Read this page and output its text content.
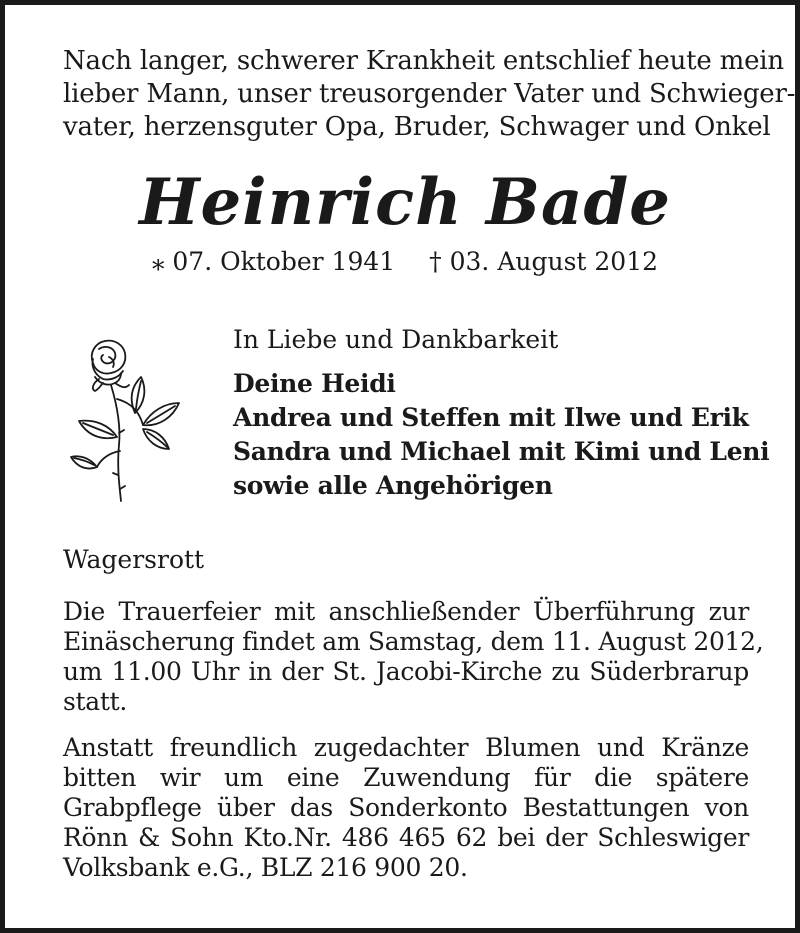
Nach langer, schwerer Krankheit entschlief heute mein
lieber Mann, unser treusorgender Vater und Schwieger-
vater, herzensguter Opa, Bruder, Schwager und Onkel
Heinrich Bade
⁎ 07. Oktober 1941 † 03. August 2012
In Liebe und Dankbarkeit
Deine Heidi
Andrea und Steffen mit Ilwe und Erik
Sandra und Michael mit Kimi und Leni
sowie alle Angehörigen
Wagersrott
Die Trauerfeier mit anschließender Überführung zur
Einäscherung findet am Samstag, dem 11. August 2012,
um 11.00 Uhr in der St. Jacobi-Kirche zu Süderbrarup
statt.
Anstatt freundlich zugedachter Blumen und Kränze
bitten wir um eine Zuwendung für die spätere
Grabpflege über das Sonderkonto Bestattungen von
Rönn & Sohn Kto.Nr. 486 465 62 bei der Schleswiger
Volksbank e.G., BLZ 216 900 20.
